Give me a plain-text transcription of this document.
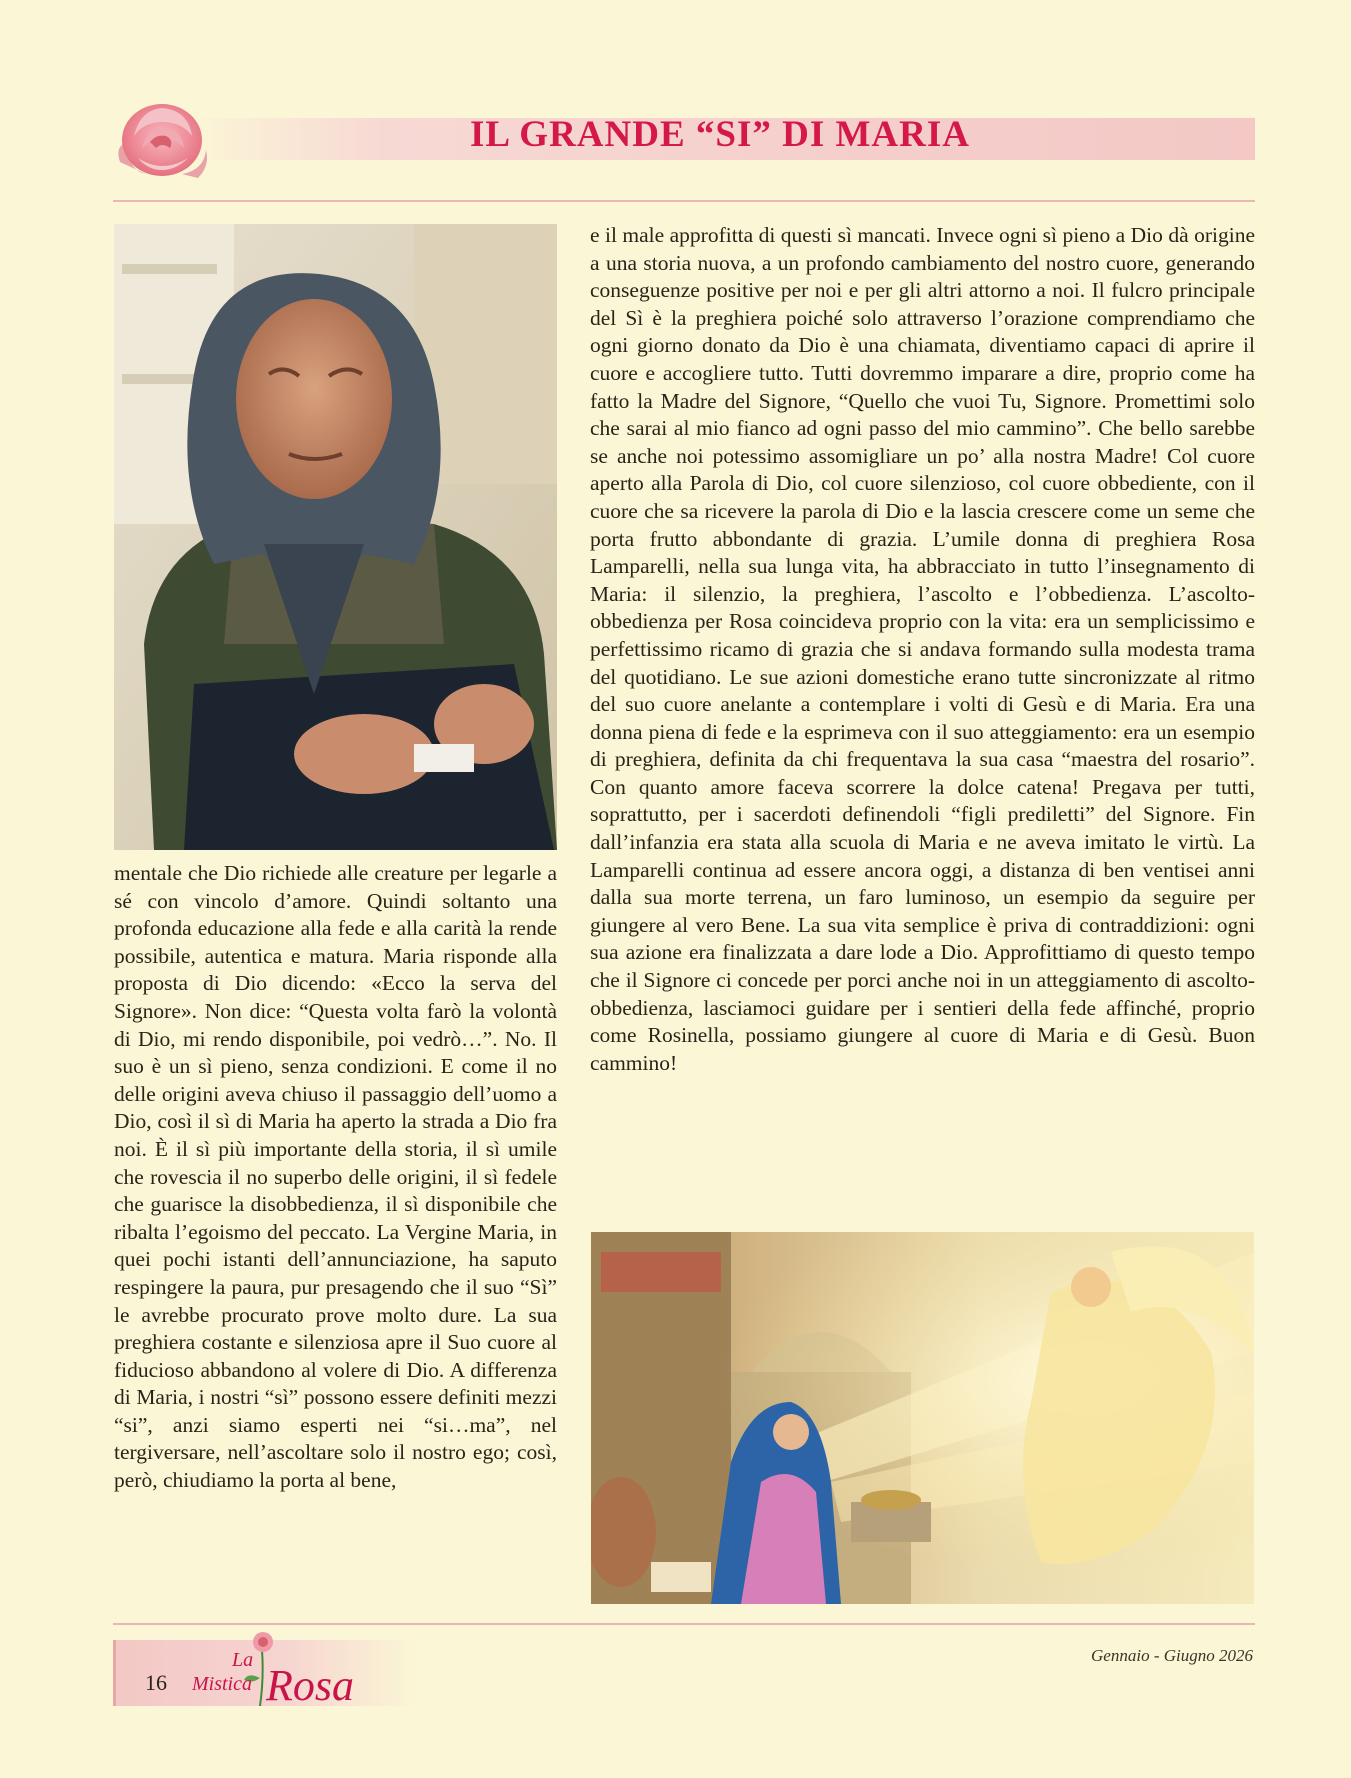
IL GRANDE “SI” DI MARIA

mentale che Dio richiede alle creature per legarle a sé con vincolo d’amore. Quindi soltanto una profonda educazione alla fede e alla carità la rende possibile, autentica e matura. Maria risponde alla proposta di Dio dicendo: «Ecco la serva del Signore». Non dice: “Questa volta farò la volontà di Dio, mi rendo disponibile, poi vedrò…”. No. Il suo è un sì pieno, senza condizioni. E come il no delle origini aveva chiuso il passaggio dell’uomo a Dio, così il sì di Maria ha aperto la strada a Dio fra noi. È il sì più importante della storia, il sì umile che rovescia il no superbo delle origini, il sì fedele che guarisce la disobbedienza, il sì disponibile che ribalta l’egoismo del peccato. La Vergine Maria, in quei pochi istanti dell’annunciazione, ha saputo respingere la paura, pur presagendo che il suo “Sì” le avrebbe procurato prove molto dure. La sua preghiera costante e silenziosa apre il Suo cuore al fiducioso abbandono al volere di Dio. A differenza di Maria, i nostri “sì” possono essere definiti mezzi “si”, anzi siamo esperti nei “si…ma”, nel tergiversare, nell’ascoltare solo il nostro ego; così, però, chiudiamo la porta al bene,

e il male approfitta di questi sì mancati. Invece ogni sì pieno a Dio dà origine a una storia nuova, a un profondo cambiamento del nostro cuore, generando conseguenze positive per noi e per gli altri attorno a noi. Il fulcro principale del Sì è la preghiera poiché solo attraverso l’orazione comprendiamo che ogni giorno donato da Dio è una chiamata, diventiamo capaci di aprire il cuore e accogliere tutto. Tutti dovremmo imparare a dire, proprio come ha fatto la Madre del Signore, “Quello che vuoi Tu, Signore. Promettimi solo che sarai al mio fianco ad ogni passo del mio cammino”. Che bello sarebbe se anche noi potessimo assomigliare un po’ alla nostra Madre! Col cuore aperto alla Parola di Dio, col cuore silenzioso, col cuore obbediente, con il cuore che sa ricevere la parola di Dio e la lascia crescere come un seme che porta frutto abbondante di grazia. L’umile donna di preghiera Rosa Lamparelli, nella sua lunga vita, ha abbracciato in tutto l’insegnamento di Maria: il silenzio, la preghiera, l’ascolto e l’obbedienza. L’ascolto-obbedienza per Rosa coincideva proprio con la vita: era un semplicissimo e perfettissimo ricamo di grazia che si andava formando sulla modesta trama del quotidiano. Le sue azioni domestiche erano tutte sincronizzate al ritmo del suo cuore anelante a contemplare i volti di Gesù e di Maria. Era una donna piena di fede e la esprimeva con il suo atteggiamento: era un esempio di preghiera, definita da chi frequentava la sua casa “maestra del rosario”. Con quanto amore faceva scorrere la dolce catena! Pregava per tutti, soprattutto, per i sacerdoti definendoli “figli prediletti” del Signore. Fin dall’infanzia era stata alla scuola di Maria e ne aveva imitato le virtù. La Lamparelli continua ad essere ancora oggi, a distanza di ben ventisei anni dalla sua morte terrena, un faro luminoso, un esempio da seguire per giungere al vero Bene. La sua vita semplice è priva di contraddizioni: ogni sua azione era finalizzata a dare lode a Dio. Approfittiamo di questo tempo che il Signore ci concede per porci anche noi in un atteggiamento di ascolto-obbedienza, lasciamoci guidare per i sentieri della fede affinché, proprio come Rosinella, possiamo giungere al cuore di Maria e di Gesù. Buon cammino!

16
La
Mistica Rosa
Gennaio - Giugno 2026
